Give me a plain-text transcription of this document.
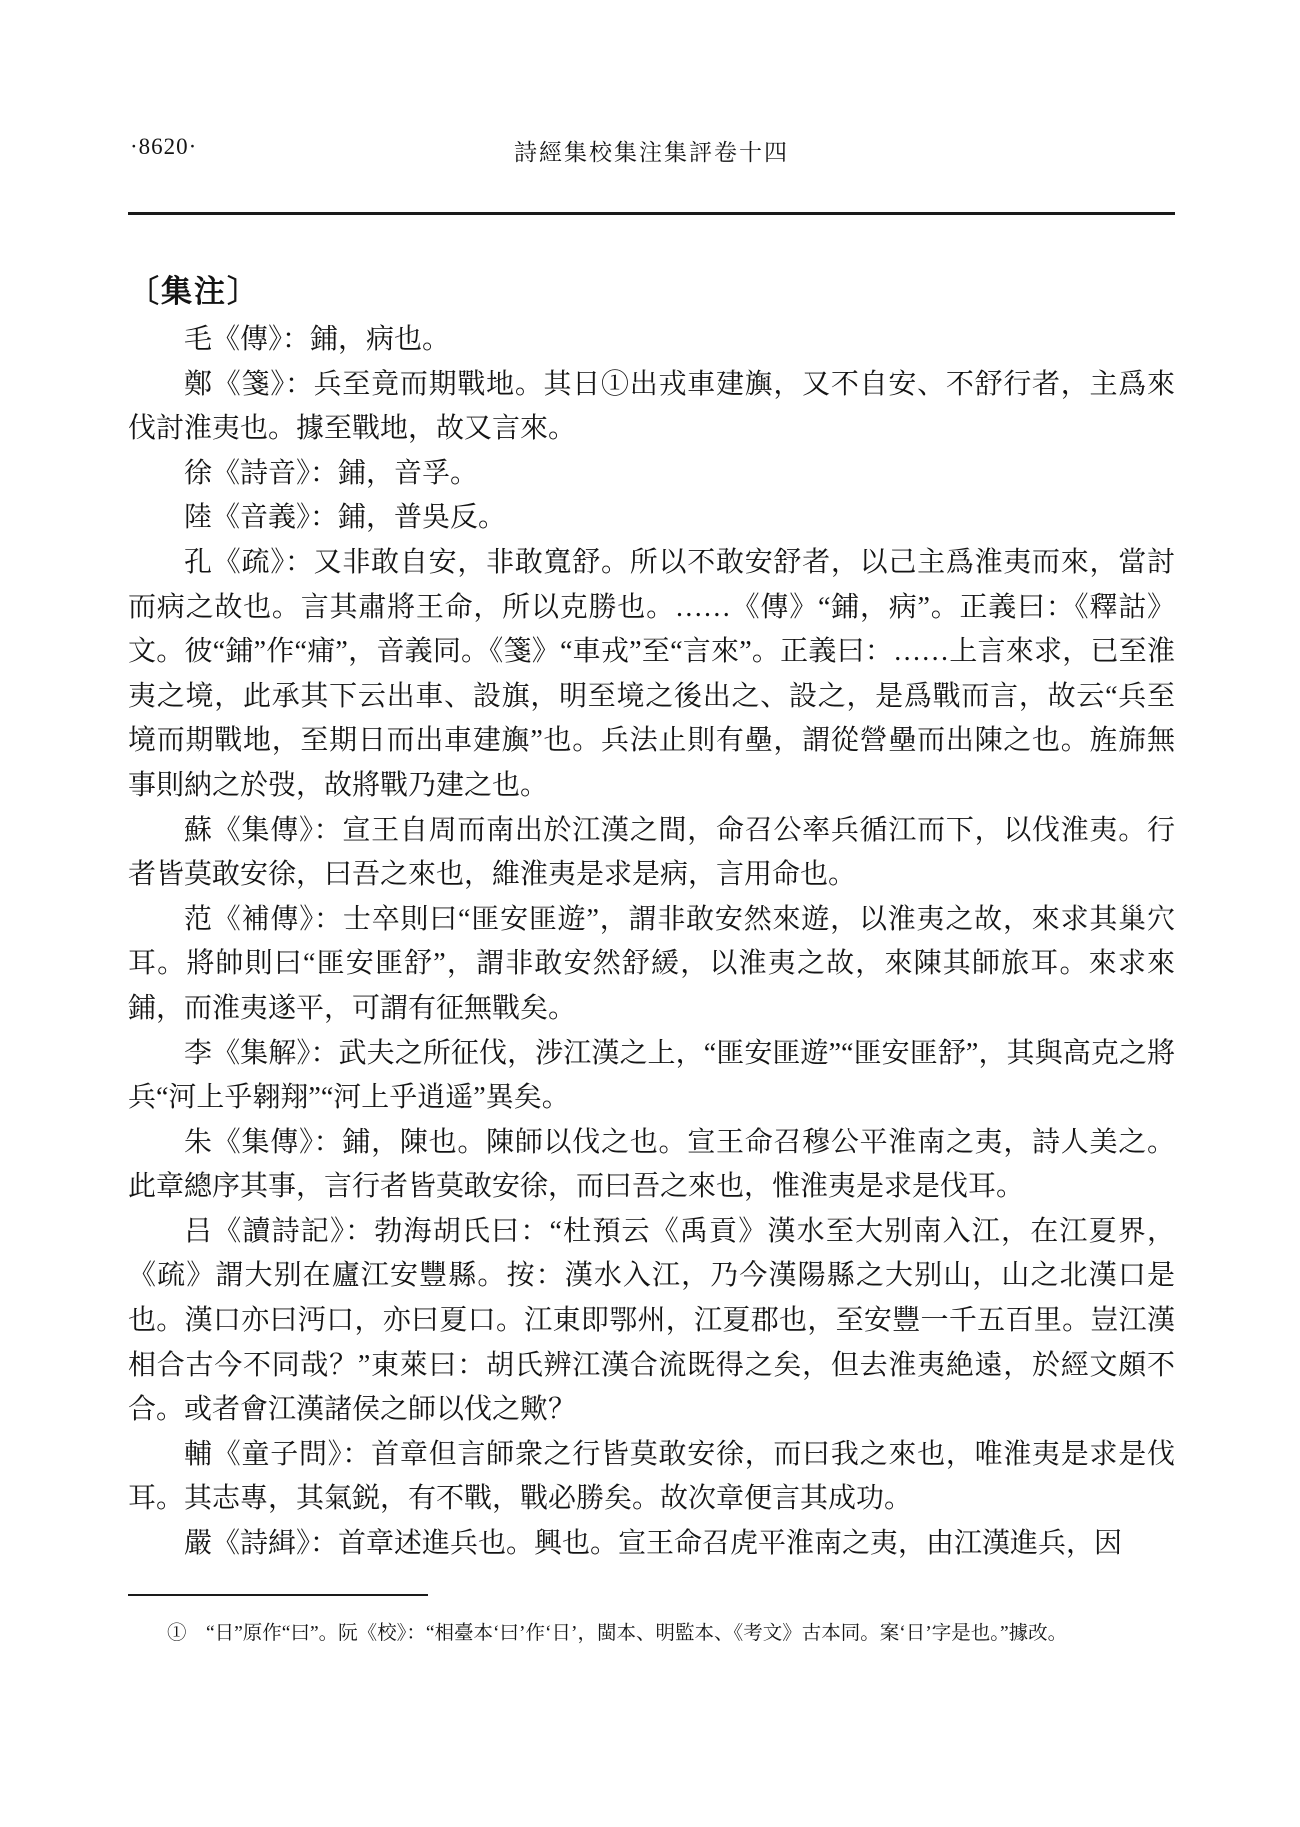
·8620·	詩經集校集注集評卷十四
〔集注〕

毛《傳》：鋪，病也。

鄭《箋》：兵至竟而期戰地。其日①出戎車建旟，又不自安、不舒行者，主爲來伐討淮夷也。據至戰地，故又言來。

徐《詩音》：鋪，音孚。

陸《音義》：鋪，普吳反。

孔《疏》：又非敢自安，非敢寬舒。所以不敢安舒者，以己主爲淮夷而來，當討而病之故也。言其肅將王命，所以克勝也。……《傳》“鋪，病”。正義曰：《釋詁》文。彼“鋪”作“痡”，音義同。《箋》“車戎”至“言來”。正義曰：……上言來求，已至淮夷之境，此承其下云出車、設旗，明至境之後出之、設之，是爲戰而言，故云“兵至境而期戰地，至期日而出車建旟”也。兵法止則有壘，謂從營壘而出陳之也。旌旆無事則納之於弢，故將戰乃建之也。

蘇《集傳》：宣王自周而南出於江漢之間，命召公率兵循江而下，以伐淮夷。行者皆莫敢安徐，曰吾之來也，維淮夷是求是病，言用命也。

范《補傳》：士卒則曰“匪安匪遊”，謂非敢安然來遊，以淮夷之故，來求其巢穴耳。將帥則曰“匪安匪舒”，謂非敢安然舒緩，以淮夷之故，來陳其師旅耳。來求來鋪，而淮夷遂平，可謂有征無戰矣。

李《集解》：武夫之所征伐，涉江漢之上，“匪安匪遊”“匪安匪舒”，其與高克之將兵“河上乎翱翔”“河上乎逍遥”異矣。

朱《集傳》：鋪，陳也。陳師以伐之也。宣王命召穆公平淮南之夷，詩人美之。此章總序其事，言行者皆莫敢安徐，而曰吾之來也，惟淮夷是求是伐耳。

吕《讀詩記》：勃海胡氏曰：“杜預云《禹貢》漢水至大别南入江，在江夏界，《疏》謂大别在廬江安豐縣。按：漢水入江，乃今漢陽縣之大别山，山之北漢口是也。漢口亦曰沔口，亦曰夏口。江東即鄂州，江夏郡也，至安豐一千五百里。豈江漢相合古今不同哉？”東萊曰：胡氏辨江漢合流既得之矣，但去淮夷絶遠，於經文頗不合。或者會江漢諸侯之師以伐之歟？

輔《童子問》：首章但言師衆之行皆莫敢安徐，而曰我之來也，唯淮夷是求是伐耳。其志專，其氣鋭，有不戰，戰必勝矣。故次章便言其成功。

嚴《詩緝》：首章述進兵也。興也。宣王命召虎平淮南之夷，由江漢進兵，因

①　“日”原作“曰”。阮《校》：“相臺本‘曰’作‘日’，閩本、明監本、《考文》古本同。案‘日’字是也。”據改。
